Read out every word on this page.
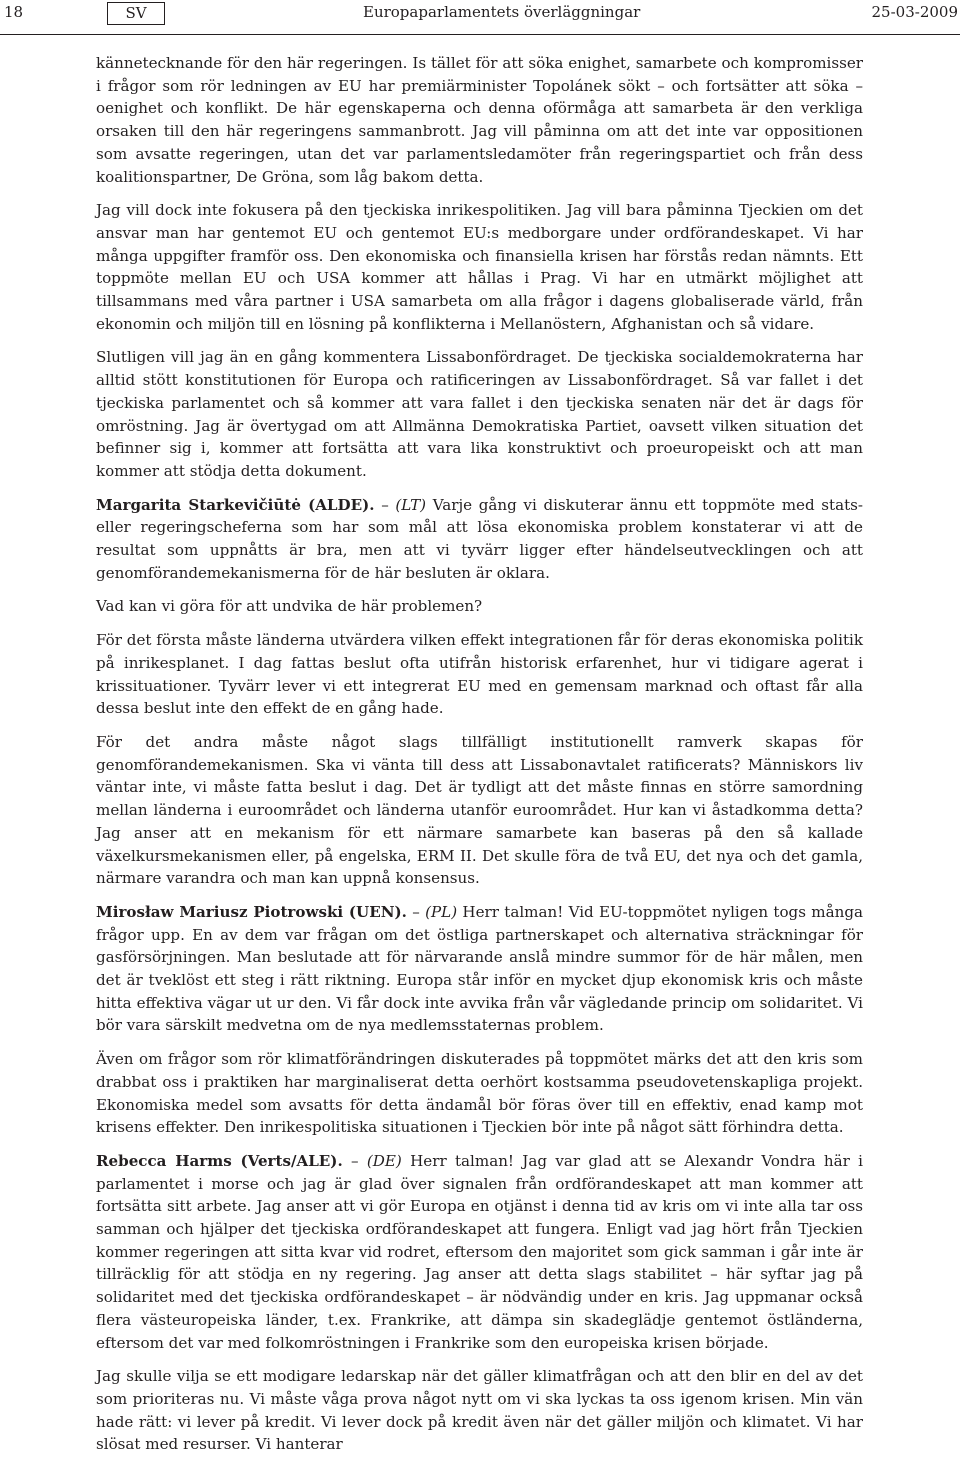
18	SV	Europaparlamentets överläggningar	25-03-2009

kännetecknande för den här regeringen. Is tället för att söka enighet, samarbete och kompromisser i frågor som rör ledningen av EU har premiärminister Topolánek sökt – och fortsätter att söka – oenighet och konflikt. De här egenskaperna och denna oförmåga att samarbeta är den verkliga orsaken till den här regeringens sammanbrott. Jag vill påminna om att det inte var oppositionen som avsatte regeringen, utan det var parlamentsledamöter från regeringspartiet och från dess koalitionspartner, De Gröna, som låg bakom detta.

Jag vill dock inte fokusera på den tjeckiska inrikespolitiken. Jag vill bara påminna Tjeckien om det ansvar man har gentemot EU och gentemot EU:s medborgare under ordförandeskapet. Vi har många uppgifter framför oss. Den ekonomiska och finansiella krisen har förstås redan nämnts. Ett toppmöte mellan EU och USA kommer att hållas i Prag. Vi har en utmärkt möjlighet att tillsammans med våra partner i USA samarbeta om alla frågor i dagens globaliserade värld, från ekonomin och miljön till en lösning på konflikterna i Mellanöstern, Afghanistan och så vidare.

Slutligen vill jag än en gång kommentera Lissabonfördraget. De tjeckiska socialdemokraterna har alltid stött konstitutionen för Europa och ratificeringen av Lissabonfördraget. Så var fallet i det tjeckiska parlamentet och så kommer att vara fallet i den tjeckiska senaten när det är dags för omröstning. Jag är övertygad om att Allmänna Demokratiska Partiet, oavsett vilken situation det befinner sig i, kommer att fortsätta att vara lika konstruktivt och proeuropeiskt och att man kommer att stödja detta dokument.

Margarita Starkevičiūtė (ALDE). – (LT) Varje gång vi diskuterar ännu ett toppmöte med stats- eller regeringscheferna som har som mål att lösa ekonomiska problem konstaterar vi att de resultat som uppnåtts är bra, men att vi tyvärr ligger efter händelseutvecklingen och att genomförandemekanismerna för de här besluten är oklara.

Vad kan vi göra för att undvika de här problemen?

För det första måste länderna utvärdera vilken effekt integrationen får för deras ekonomiska politik på inrikesplanet. I dag fattas beslut ofta utifrån historisk erfarenhet, hur vi tidigare agerat i krissituationer. Tyvärr lever vi ett integrerat EU med en gemensam marknad och oftast får alla dessa beslut inte den effekt de en gång hade.

För det andra måste något slags tillfälligt institutionellt ramverk skapas för genomförandemekanismen. Ska vi vänta till dess att Lissabonavtalet ratificerats? Människors liv väntar inte, vi måste fatta beslut i dag. Det är tydligt att det måste finnas en större samordning mellan länderna i euroområdet och länderna utanför euroområdet. Hur kan vi åstadkomma detta? Jag anser att en mekanism för ett närmare samarbete kan baseras på den så kallade växelkursmekanismen eller, på engelska, ERM II. Det skulle föra de två EU, det nya och det gamla, närmare varandra och man kan uppnå konsensus.

Mirosław Mariusz Piotrowski (UEN). – (PL) Herr talman! Vid EU-toppmötet nyligen togs många frågor upp. En av dem var frågan om det östliga partnerskapet och alternativa sträckningar för gasförsörjningen. Man beslutade att för närvarande anslå mindre summor för de här målen, men det är tveklöst ett steg i rätt riktning. Europa står inför en mycket djup ekonomisk kris och måste hitta effektiva vägar ut ur den. Vi får dock inte avvika från vår vägledande princip om solidaritet. Vi bör vara särskilt medvetna om de nya medlemsstaternas problem.

Även om frågor som rör klimatförändringen diskuterades på toppmötet märks det att den kris som drabbat oss i praktiken har marginaliserat detta oerhört kostsamma pseudovetenskapliga projekt. Ekonomiska medel som avsatts för detta ändamål bör föras över till en effektiv, enad kamp mot krisens effekter. Den inrikespolitiska situationen i Tjeckien bör inte på något sätt förhindra detta.

Rebecca Harms (Verts/ALE). – (DE) Herr talman! Jag var glad att se Alexandr Vondra här i parlamentet i morse och jag är glad över signalen från ordförandeskapet att man kommer att fortsätta sitt arbete. Jag anser att vi gör Europa en otjänst i denna tid av kris om vi inte alla tar oss samman och hjälper det tjeckiska ordförandeskapet att fungera. Enligt vad jag hört från Tjeckien kommer regeringen att sitta kvar vid rodret, eftersom den majoritet som gick samman i går inte är tillräcklig för att stödja en ny regering. Jag anser att detta slags stabilitet – här syftar jag på solidaritet med det tjeckiska ordförandeskapet – är nödvändig under en kris. Jag uppmanar också flera västeuropeiska länder, t.ex. Frankrike, att dämpa sin skadeglädje gentemot östländerna, eftersom det var med folkomröstningen i Frankrike som den europeiska krisen började.

Jag skulle vilja se ett modigare ledarskap när det gäller klimatfrågan och att den blir en del av det som prioriteras nu. Vi måste våga prova något nytt om vi ska lyckas ta oss igenom krisen. Min vän hade rätt: vi lever på kredit. Vi lever dock på kredit även när det gäller miljön och klimatet. Vi har slösat med resurser. Vi hanterar
